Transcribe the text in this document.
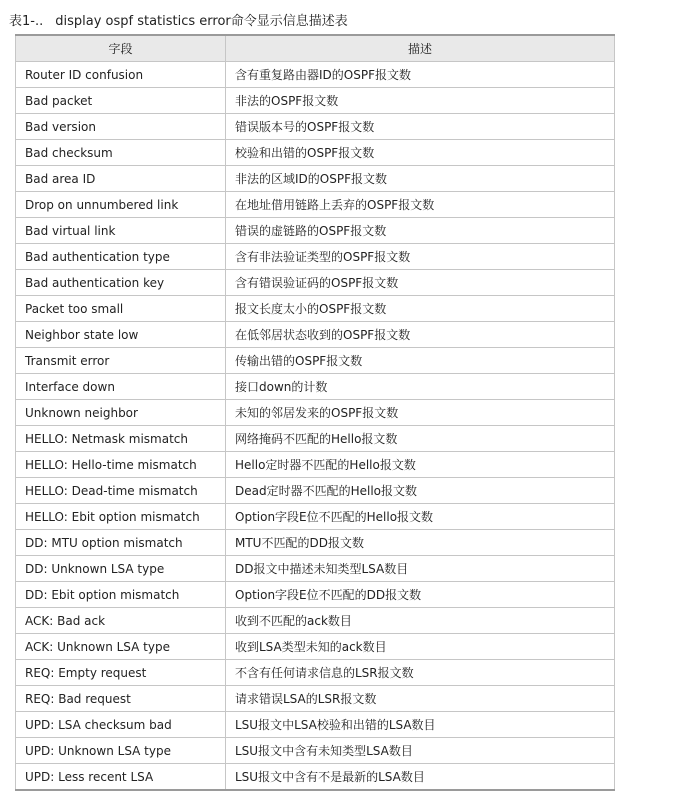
表1-.. display ospf statistics error命令显示信息描述表
字段	描述
Router ID confusion	含有重复路由器ID的OSPF报文数
Bad packet	非法的OSPF报文数
Bad version	错误版本号的OSPF报文数
Bad checksum	校验和出错的OSPF报文数
Bad area ID	非法的区域ID的OSPF报文数
Drop on unnumbered link	在地址借用链路上丢弃的OSPF报文数
Bad virtual link	错误的虚链路的OSPF报文数
Bad authentication type	含有非法验证类型的OSPF报文数
Bad authentication key	含有错误验证码的OSPF报文数
Packet too small	报文长度太小的OSPF报文数
Neighbor state low	在低邻居状态收到的OSPF报文数
Transmit error	传输出错的OSPF报文数
Interface down	接口down的计数
Unknown neighbor	未知的邻居发来的OSPF报文数
HELLO: Netmask mismatch	网络掩码不匹配的Hello报文数
HELLO: Hello-time mismatch	Hello定时器不匹配的Hello报文数
HELLO: Dead-time mismatch	Dead定时器不匹配的Hello报文数
HELLO: Ebit option mismatch	Option字段E位不匹配的Hello报文数
DD: MTU option mismatch	MTU不匹配的DD报文数
DD: Unknown LSA type	DD报文中描述未知类型LSA数目
DD: Ebit option mismatch	Option字段E位不匹配的DD报文数
ACK: Bad ack	收到不匹配的ack数目
ACK: Unknown LSA type	收到LSA类型未知的ack数目
REQ: Empty request	不含有任何请求信息的LSR报文数
REQ: Bad request	请求错误LSA的LSR报文数
UPD: LSA checksum bad	LSU报文中LSA校验和出错的LSA数目
UPD: Unknown LSA type	LSU报文中含有未知类型LSA数目
UPD: Less recent LSA	LSU报文中含有不是最新的LSA数目
